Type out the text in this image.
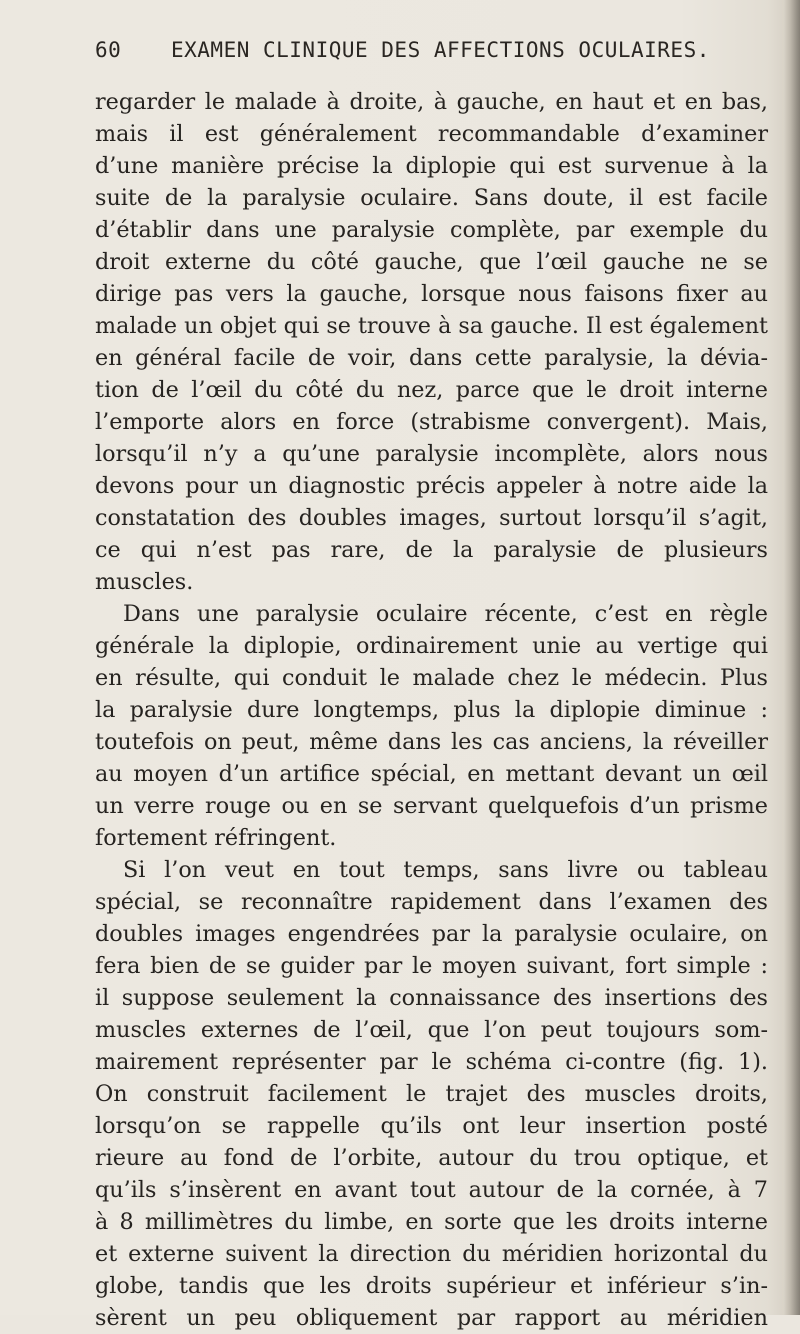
60 EXAMEN CLINIQUE DES AFFECTIONS OCULAIRES.
regarder le malade à droite, à gauche, en haut et en bas,
mais il est généralement recommandable d’examiner
d’une manière précise la diplopie qui est survenue à la
suite de la paralysie oculaire. Sans doute, il est facile
d’établir dans une paralysie complète, par exemple du
droit externe du côté gauche, que l’œil gauche ne se
dirige pas vers la gauche, lorsque nous faisons fixer au
malade un objet qui se trouve à sa gauche. Il est également
en général facile de voir, dans cette paralysie, la dévia-
tion de l’œil du côté du nez, parce que le droit interne
l’emporte alors en force (strabisme convergent). Mais,
lorsqu’il n’y a qu’une paralysie incomplète, alors nous
devons pour un diagnostic précis appeler à notre aide la
constatation des doubles images, surtout lorsqu’il s’agit,
ce qui n’est pas rare, de la paralysie de plusieurs
muscles.
Dans une paralysie oculaire récente, c’est en règle
générale la diplopie, ordinairement unie au vertige qui
en résulte, qui conduit le malade chez le médecin. Plus
la paralysie dure longtemps, plus la diplopie diminue :
toutefois on peut, même dans les cas anciens, la réveiller
au moyen d’un artifice spécial, en mettant devant un œil
un verre rouge ou en se servant quelquefois d’un prisme
fortement réfringent.
Si l’on veut en tout temps, sans livre ou tableau
spécial, se reconnaître rapidement dans l’examen des
doubles images engendrées par la paralysie oculaire, on
fera bien de se guider par le moyen suivant, fort simple :
il suppose seulement la connaissance des insertions des
muscles externes de l’œil, que l’on peut toujours som-
mairement représenter par le schéma ci-contre (fig. 1).
On construit facilement le trajet des muscles droits,
lorsqu’on se rappelle qu’ils ont leur insertion posté
rieure au fond de l’orbite, autour du trou optique, et
qu’ils s’insèrent en avant tout autour de la cornée, à 7
à 8 millimètres du limbe, en sorte que les droits interne
et externe suivent la direction du méridien horizontal du
globe, tandis que les droits supérieur et inférieur s’in-
sèrent un peu obliquement par rapport au méridien
